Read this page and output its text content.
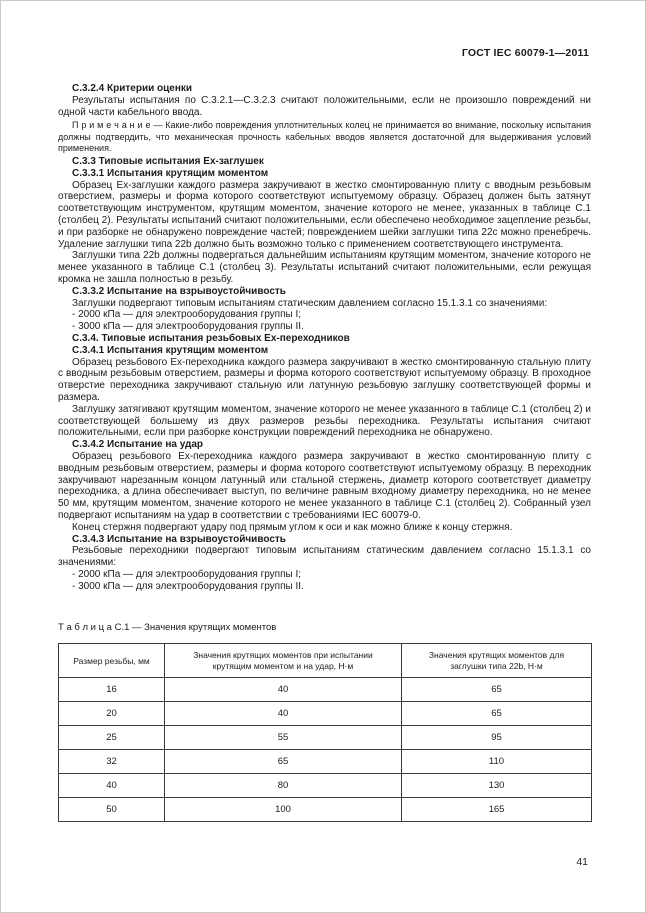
ГОСТ IEC 60079-1—2011
С.3.2.4 Критерии оценки
Результаты испытания по С.3.2.1—С.3.2.3 считают положительными, если не произошло повреждений ни одной части кабельного ввода.
П р и м е ч а н и е — Какие-либо повреждения уплотнительных колец не принимается во внимание, поскольку испытания должны подтвердить, что механическая прочность кабельных вводов является достаточной для выдерживания условий применения.
С.3.3 Типовые испытания Ех-заглушек
С.3.3.1 Испытания крутящим моментом
Образец Ех-заглушки каждого размера закручивают в жестко смонтированную плиту с вводным резьбовым отверстием, размеры и форма которого соответствуют испытуемому образцу. Образец должен быть затянут соответствующим инструментом, крутящим моментом, значение которого не менее, указанных в таблице С.1 (столбец 2). Результаты испытаний считают положительными, если обеспечено необходимое зацепление резьбы, и при разборке не обнаружено повреждение частей; повреждением шейки заглушки типа 22с можно пренебречь. Удаление заглушки типа 22b должно быть возможно только с применением соответствующего инструмента.
Заглушки типа 22b должны подвергаться дальнейшим испытаниям крутящим моментом, значение которого не менее указанного в таблице С.1 (столбец 3). Результаты испытаний считают положительными, если режущая кромка не зашла полностью в резьбу.
С.3.3.2 Испытание на взрывоустойчивость
Заглушки подвергают типовым испытаниям статическим давлением согласно 15.1.3.1 со значениями:
- 2000 кПа — для электрооборудования группы I;
- 3000 кПа — для электрооборудования группы II.
С.3.4. Типовые испытания резьбовых Ех-переходников
С.3.4.1 Испытания крутящим моментом
Образец резьбового Ех-переходника каждого размера закручивают в жестко смонтированную стальную плиту с вводным резьбовым отверстием, размеры и форма которого соответствуют испытуемому образцу. В проходное отверстие переходника закручивают стальную или латунную резьбовую заглушку соответствующей формы и размера.
Заглушку затягивают крутящим моментом, значение которого не менее указанного в таблице С.1 (столбец 2) и соответствующей большему из двух размеров резьбы переходника. Результаты испытания считают положительными, если при разборке конструкции повреждений переходника не обнаружено.
С.3.4.2 Испытание на удар
Образец резьбового Ех-переходника каждого размера закручивают в жестко смонтированную плиту с вводным резьбовым отверстием, размеры и форма которого соответствуют испытуемому образцу. В переходник закручивают нарезанным концом латунный или стальной стержень, диаметр которого соответствует диаметру переходника, а длина обеспечивает выступ, по величине равным входному диаметру переходника, но не менее 50 мм, крутящим моментом, значение которого не менее указанного в таблице С.1 (столбец 2). Собранный узел подвергают испытаниям на удар в соответствии с требованиями IEC 60079-0.
Конец стержня подвергают удару под прямым углом к оси и как можно ближе к концу стержня.
С.3.4.3 Испытание на взрывоустойчивость
Резьбовые переходники подвергают типовым испытаниям статическим давлением согласно 15.1.3.1 со значениями:
- 2000 кПа — для электрооборудования группы I;
- 3000 кПа — для электрооборудования группы II.
Т а б л и ц а С.1 — Значения крутящих моментов
Размер резьбы, мм	Значения крутящих моментов при испытании крутящим моментом и на удар, Н·м	Значения крутящих моментов для заглушки типа 22b, Н·м
16	40	65
20	40	65
25	55	95
32	65	110
40	80	130
50	100	165
41
